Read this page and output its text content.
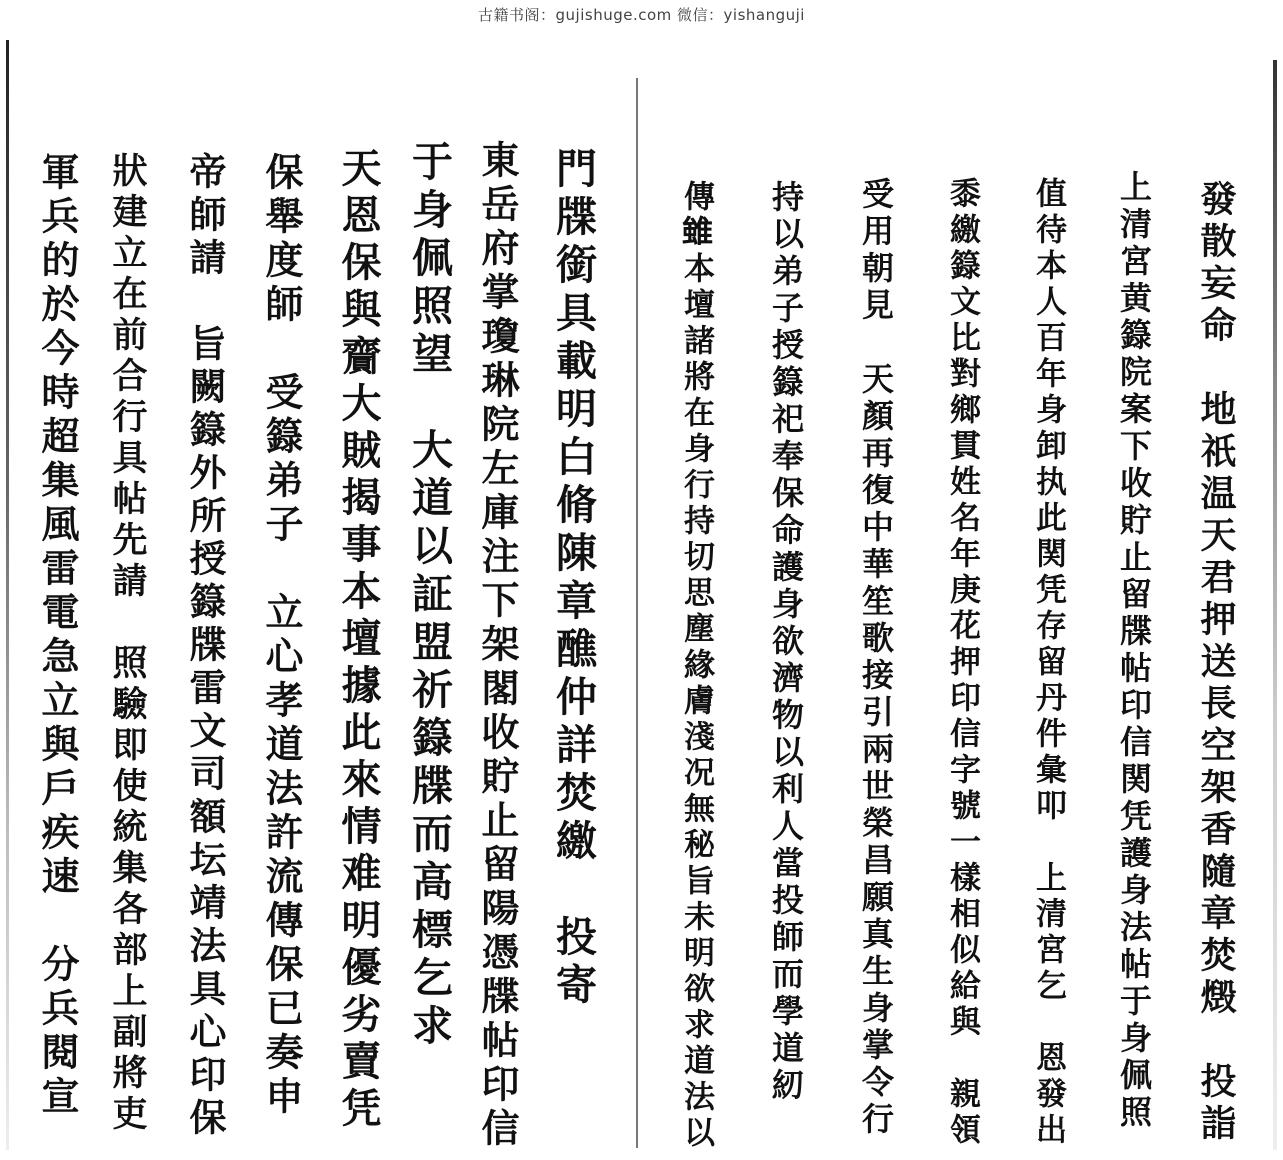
古籍书阁：gujishuge.com 微信：yishanguji
發散妄命　地祇温天君押送長空架香隨章焚燬　投詣
上清宮黄籙院案下收貯止留牒帖印信関凭護身法帖于身佩照
值待本人百年身卸执此関凭存留丹件𢑥叩　上清宮乞　恩發出
黍繳籙文比對鄉貫姓名年庚花押印信字號一樣相似給與　親領
受用朝見　天顏再復中華笙歌接引兩世榮昌願真生身掌令行
持以弟子授籙祀奉保命護身欲濟物以利人當投師而學道紉
傳𨿽本壇諸將在身行持切思塵緣膚淺况無秘旨未明欲求道法以
門牒銜具載明白脩陳章醮仲詳焚繳　投寄
東岳府掌瓊琳院左庫注下架閣收貯止留陽憑牒帖印信
于身佩照望　大道以証盟祈籙牒而高標乞求
天恩保與齎大賊揭事本壇據此來情难明優劣賣凭
保舉度師　受籙弟子　立心孝道法許流傳保已奏申
帝師請　旨闕籙外所授籙牒雷文司額坛靖法具心印保
狀建立在前合行具帖先請　照驗即使統集各部上副將吏
軍兵的於今時超集風雷電急立與戶疾速　分兵閱宣
